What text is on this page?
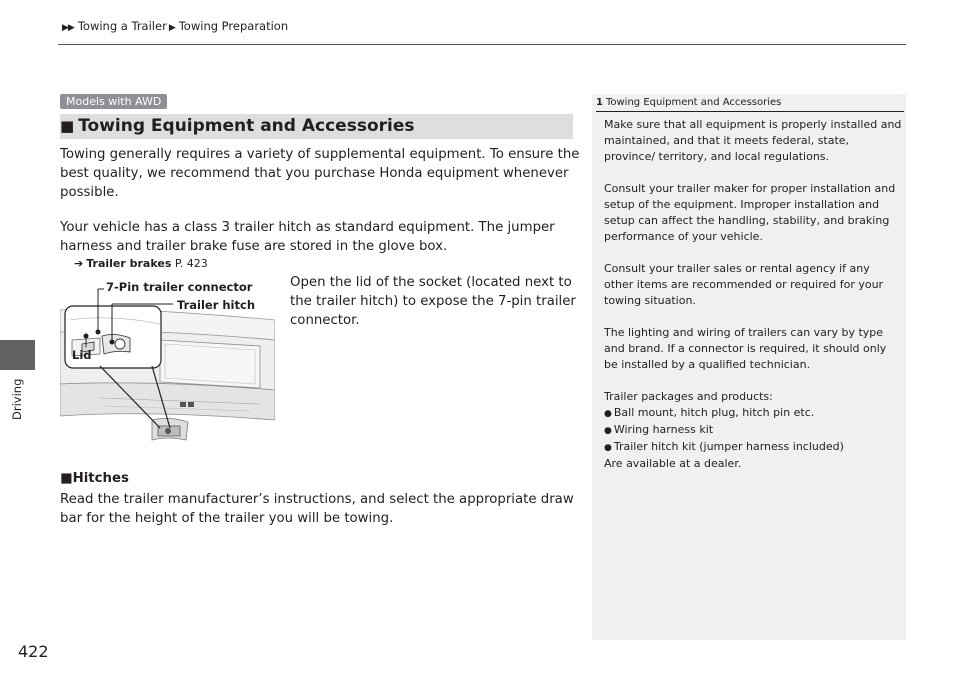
▶▶ Towing a Trailer ▶ Towing Preparation
Driving
422
Models with AWD
■ Towing Equipment and Accessories
Towing generally requires a variety of supplemental equipment. To ensure the best quality, we recommend that you purchase Honda equipment whenever possible.
Your vehicle has a class 3 trailer hitch as standard equipment. The jumper harness and trailer brake fuse are stored in the glove box.
➔ Trailer brakes P. 423
7-Pin trailer connector
Trailer hitch
Lid
Open the lid of the socket (located next to the trailer hitch) to expose the 7-pin trailer connector.
■Hitches
Read the trailer manufacturer’s instructions, and select the appropriate draw bar for the height of the trailer you will be towing.
1 Towing Equipment and Accessories

Make sure that all equipment is properly installed and maintained, and that it meets federal, state, province/ territory, and local regulations.

Consult your trailer maker for proper installation and setup of the equipment. Improper installation and setup can affect the handling, stability, and braking performance of your vehicle.

Consult your trailer sales or rental agency if any other items are recommended or required for your towing situation.

The lighting and wiring of trailers can vary by type and brand. If a connector is required, it should only be installed by a qualified technician.

Trailer packages and products:
● Ball mount, hitch plug, hitch pin etc.
● Wiring harness kit
● Trailer hitch kit (jumper harness included)
Are available at a dealer.
